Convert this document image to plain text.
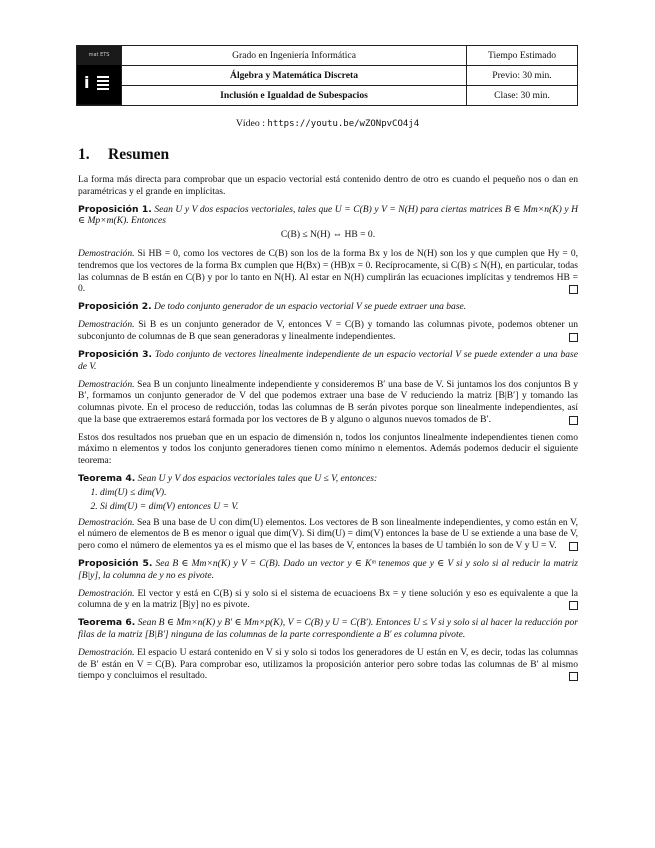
mat ETS
i	Grado en Ingeniería Informática	Tiempo Estimado
	Álgebra y Matemática Discreta	Previo: 30 min.
	Inclusión e Igualdad de Subespacios	Clase: 30 min.
Vídeo : https://youtu.be/wZONpvCO4j4
1. Resumen

La forma más directa para comprobar que un espacio vectorial está contenido dentro de otro es cuando el pequeño nos o dan en paramétricas y el grande en implícitas.

Proposición 1. Sean U y V dos espacios vectoriales, tales que U = C(B) y V = N(H) para ciertas matrices B ∈ Mm×n(K) y H ∈ Mp×m(K). Entonces

C(B) ≤ N(H) ⇔ HB = 0.

Demostración. Si HB = 0, como los vectores de C(B) son los de la forma Bx y los de N(H) son los y que cumplen que Hy = 0, tendremos que los vectores de la forma Bx cumplen que H(Bx) = (HB)x = 0. Recíprocamente, si C(B) ≤ N(H), en particular, todas las columnas de B están en C(B) y por lo tanto en N(H). Al estar en N(H) cumplirán las ecuaciones implícitas y tendremos HB = 0.

Proposición 2. De todo conjunto generador de un espacio vectorial V se puede extraer una base.

Demostración. Si B es un conjunto generador de V, entonces V = C(B) y tomando las columnas pivote, podemos obtener un subconjunto de columnas de B que sean generadoras y linealmente independientes.

Proposición 3. Todo conjunto de vectores linealmente independiente de un espacio vectorial V se puede extender a una base de V.

Demostración. Sea B un conjunto linealmente independiente y consideremos B′ una base de V. Si juntamos los dos conjuntos B y B′, formamos un conjunto generador de V del que podemos extraer una base de V reduciendo la matriz [B|B′] y tomando las columnas pivote. En el proceso de reducción, todas las columnas de B serán pivotes porque son linealmente independientes, así que la base que extraeremos estará formada por los vectores de B y alguno o algunos nuevos tomados de B′.

Estos dos resultados nos prueban que en un espacio de dimensión n, todos los conjuntos linealmente independientes tienen como máximo n elementos y todos los conjunto generadores tienen como mínimo n elementos. Además podemos deducir el siguiente teorema:

Teorema 4. Sean U y V dos espacios vectoriales tales que U ≤ V, entonces:

1. dim(U) ≤ dim(V).
2. Si dim(U) = dim(V) entonces U = V.

Demostración. Sea B una base de U con dim(U) elementos. Los vectores de B son linealmente independientes, y como están en V, el número de elementos de B es menor o igual que dim(V). Si dim(U) = dim(V) entonces la base de U se extiende a una base de V, pero como el número de elementos ya es el mismo que el las bases de V, entonces la bases de U también lo son de V y U = V.

Proposición 5. Sea B ∈ Mm×n(K) y V = C(B). Dado un vector y ∈ Kᵐ tenemos que y ∈ V si y solo si al reducir la matriz [B|y], la columna de y no es pivote.

Demostración. El vector y está en C(B) si y solo si el sistema de ecuacioens Bx = y tiene solución y eso es equivalente a que la columna de y en la matriz [B|y] no es pivote.

Teorema 6. Sean B ∈ Mm×n(K) y B′ ∈ Mm×p(K), V = C(B) y U = C(B′). Entonces U ≤ V si y solo si al hacer la reducción por filas de la matriz [B|B′] ninguna de las columnas de la parte correspondiente a B′ es columna pivote.

Demostración. El espacio U estará contenido en V si y solo si todos los generadores de U están en V, es decir, todas las columnas de B′ están en V = C(B). Para comprobar eso, utilizamos la proposición anterior pero sobre todas las columnas de B′ al mismo tiempo y concluimos el resultado.
